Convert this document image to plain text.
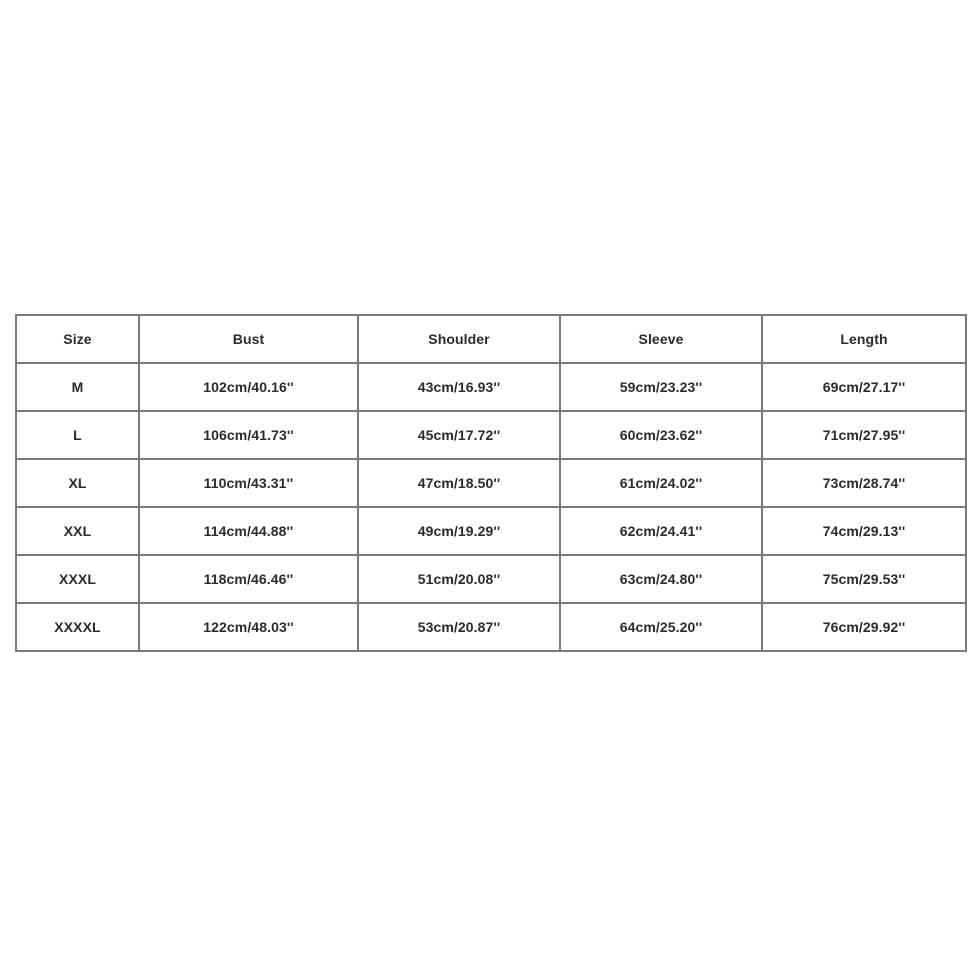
Size	Bust	Shoulder	Sleeve	Length
M	102cm/40.16''	43cm/16.93''	59cm/23.23''	69cm/27.17''
L	106cm/41.73''	45cm/17.72''	60cm/23.62''	71cm/27.95''
XL	110cm/43.31''	47cm/18.50''	61cm/24.02''	73cm/28.74''
XXL	114cm/44.88''	49cm/19.29''	62cm/24.41''	74cm/29.13''
XXXL	118cm/46.46''	51cm/20.08''	63cm/24.80''	75cm/29.53''
XXXXL	122cm/48.03''	53cm/20.87''	64cm/25.20''	76cm/29.92''
